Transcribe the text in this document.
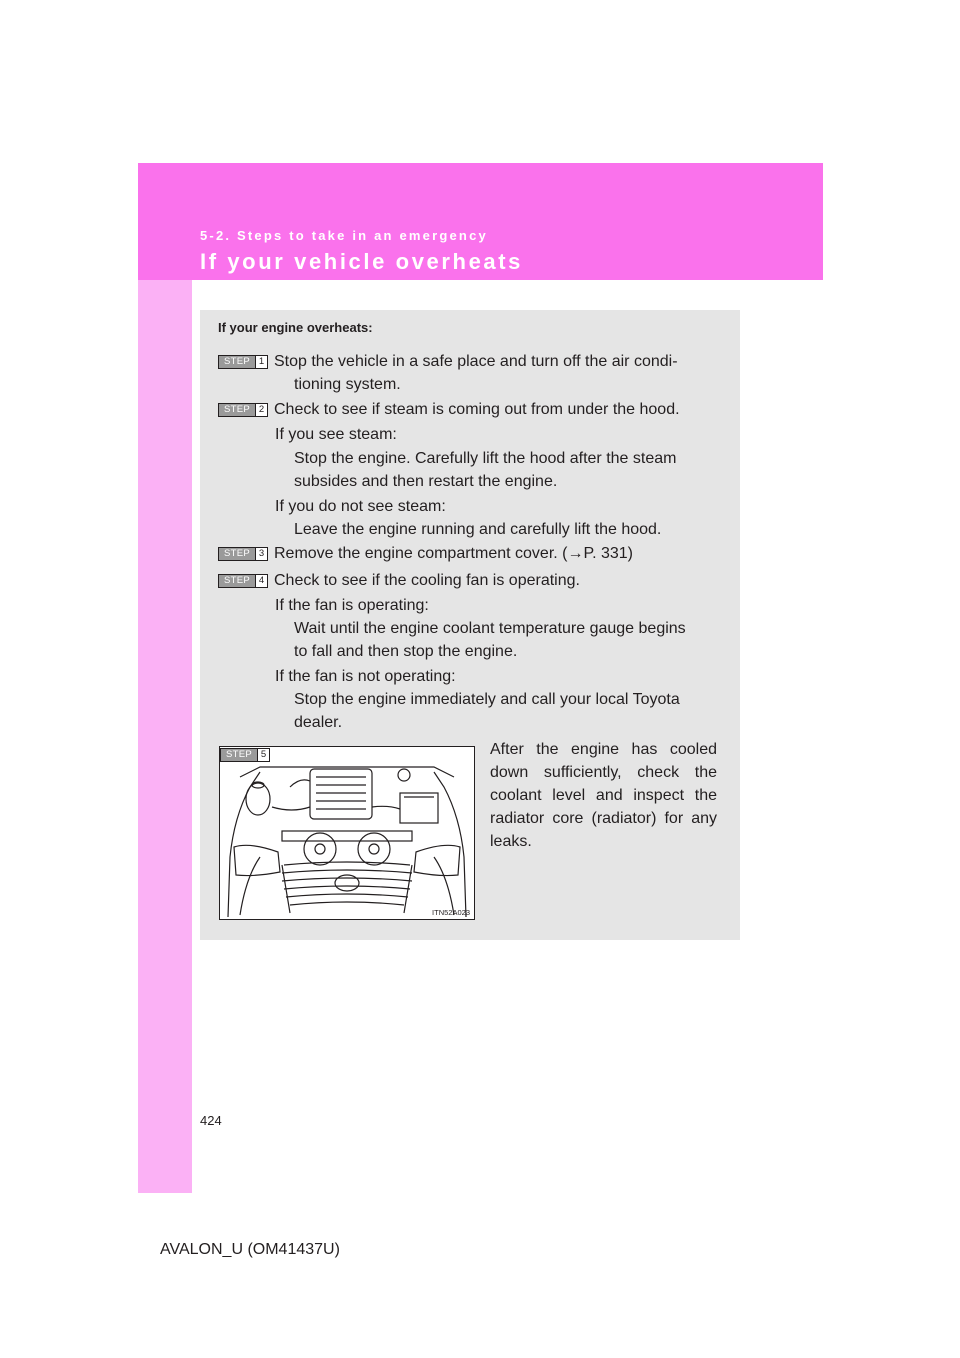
5-2. Steps to take in an emergency
If your vehicle overheats
If your engine overheats:
STEP 1 Stop the vehicle in a safe place and turn off the air condi-
tioning system.
STEP 2 Check to see if steam is coming out from under the hood.
If you see steam:
Stop the engine. Carefully lift the hood after the steam
subsides and then restart the engine.
If you do not see steam:
Leave the engine running and carefully lift the hood.
STEP 3 Remove the engine compartment cover. (→P. 331)
STEP 4 Check to see if the cooling fan is operating.
If the fan is operating:
Wait until the engine coolant temperature gauge begins
to fall and then stop the engine.
If the fan is not operating:
Stop the engine immediately and call your local Toyota
dealer.
ITN52A023
STEP 5	After the engine has cooled down sufficiently, check the coolant level and inspect the radiator core (radiator) for any leaks.
424
AVALON_U (OM41437U)
